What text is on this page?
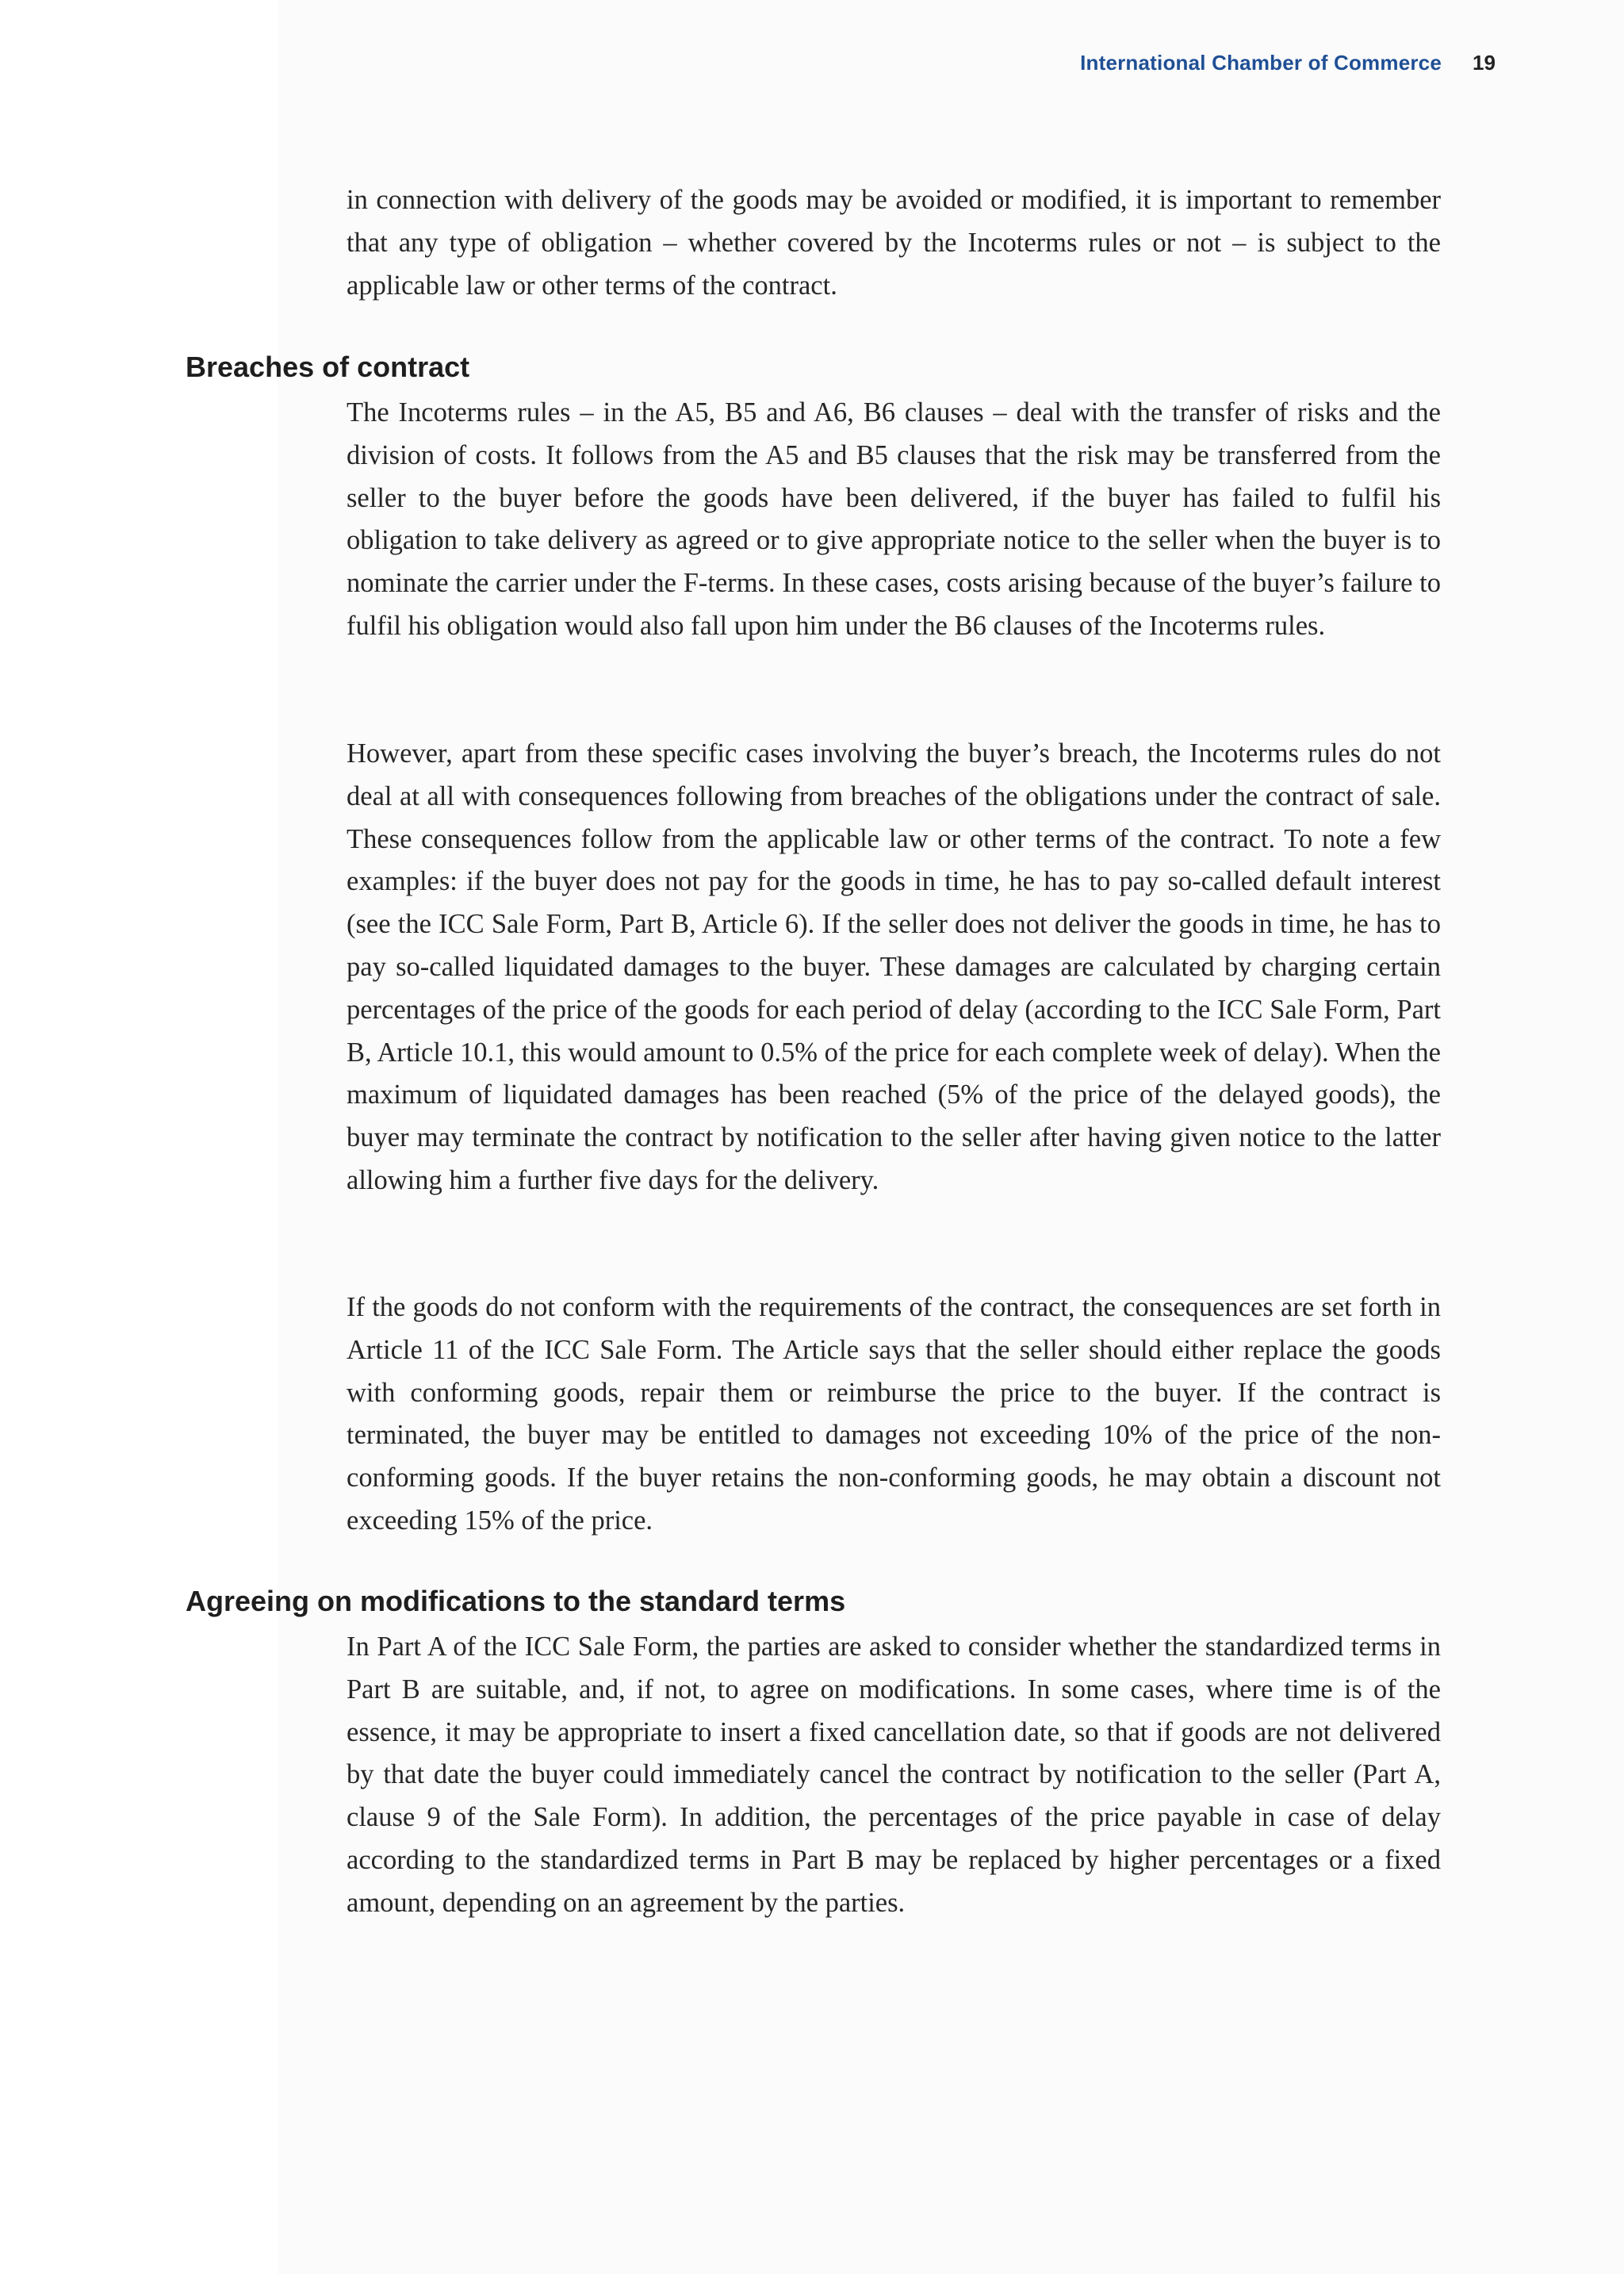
International Chamber of Commerce 19

in connection with delivery of the goods may be avoided or modified, it is important to remember that any type of obligation – whether covered by the Incoterms rules or not – is subject to the applicable law or other terms of the contract.

Breaches of contract

The Incoterms rules – in the A5, B5 and A6, B6 clauses – deal with the transfer of risks and the division of costs. It follows from the A5 and B5 clauses that the risk may be transferred from the seller to the buyer before the goods have been delivered, if the buyer has failed to fulfil his obligation to take delivery as agreed or to give appropriate notice to the seller when the buyer is to nominate the carrier under the F-terms. In these cases, costs arising because of the buyer’s failure to fulfil his obligation would also fall upon him under the B6 clauses of the Incoterms rules.

However, apart from these specific cases involving the buyer’s breach, the Incoterms rules do not deal at all with consequences following from breaches of the obligations under the contract of sale. These consequences follow from the applicable law or other terms of the contract. To note a few examples: if the buyer does not pay for the goods in time, he has to pay so-called default interest (see the ICC Sale Form, Part B, Article 6). If the seller does not deliver the goods in time, he has to pay so-called liquidated damages to the buyer. These damages are calculated by charging certain percentages of the price of the goods for each period of delay (according to the ICC Sale Form, Part B, Article 10.1, this would amount to 0.5% of the price for each complete week of delay). When the maximum of liquidated damages has been reached (5% of the price of the delayed goods), the buyer may terminate the contract by notification to the seller after having given notice to the latter allowing him a further five days for the delivery.

If the goods do not conform with the requirements of the contract, the consequences are set forth in Article 11 of the ICC Sale Form. The Article says that the seller should either replace the goods with conforming goods, repair them or reimburse the price to the buyer. If the contract is terminated, the buyer may be entitled to damages not exceeding 10% of the price of the non-conforming goods. If the buyer retains the non-conforming goods, he may obtain a discount not exceeding 15% of the price.

Agreeing on modifications to the standard terms

In Part A of the ICC Sale Form, the parties are asked to consider whether the standardized terms in Part B are suitable, and, if not, to agree on modifications. In some cases, where time is of the essence, it may be appropriate to insert a fixed cancellation date, so that if goods are not delivered by that date the buyer could immediately cancel the contract by notification to the seller (Part A, clause 9 of the Sale Form). In addition, the percentages of the price payable in case of delay according to the standardized terms in Part B may be replaced by higher percentages or a fixed amount, depending on an agreement by the parties.
